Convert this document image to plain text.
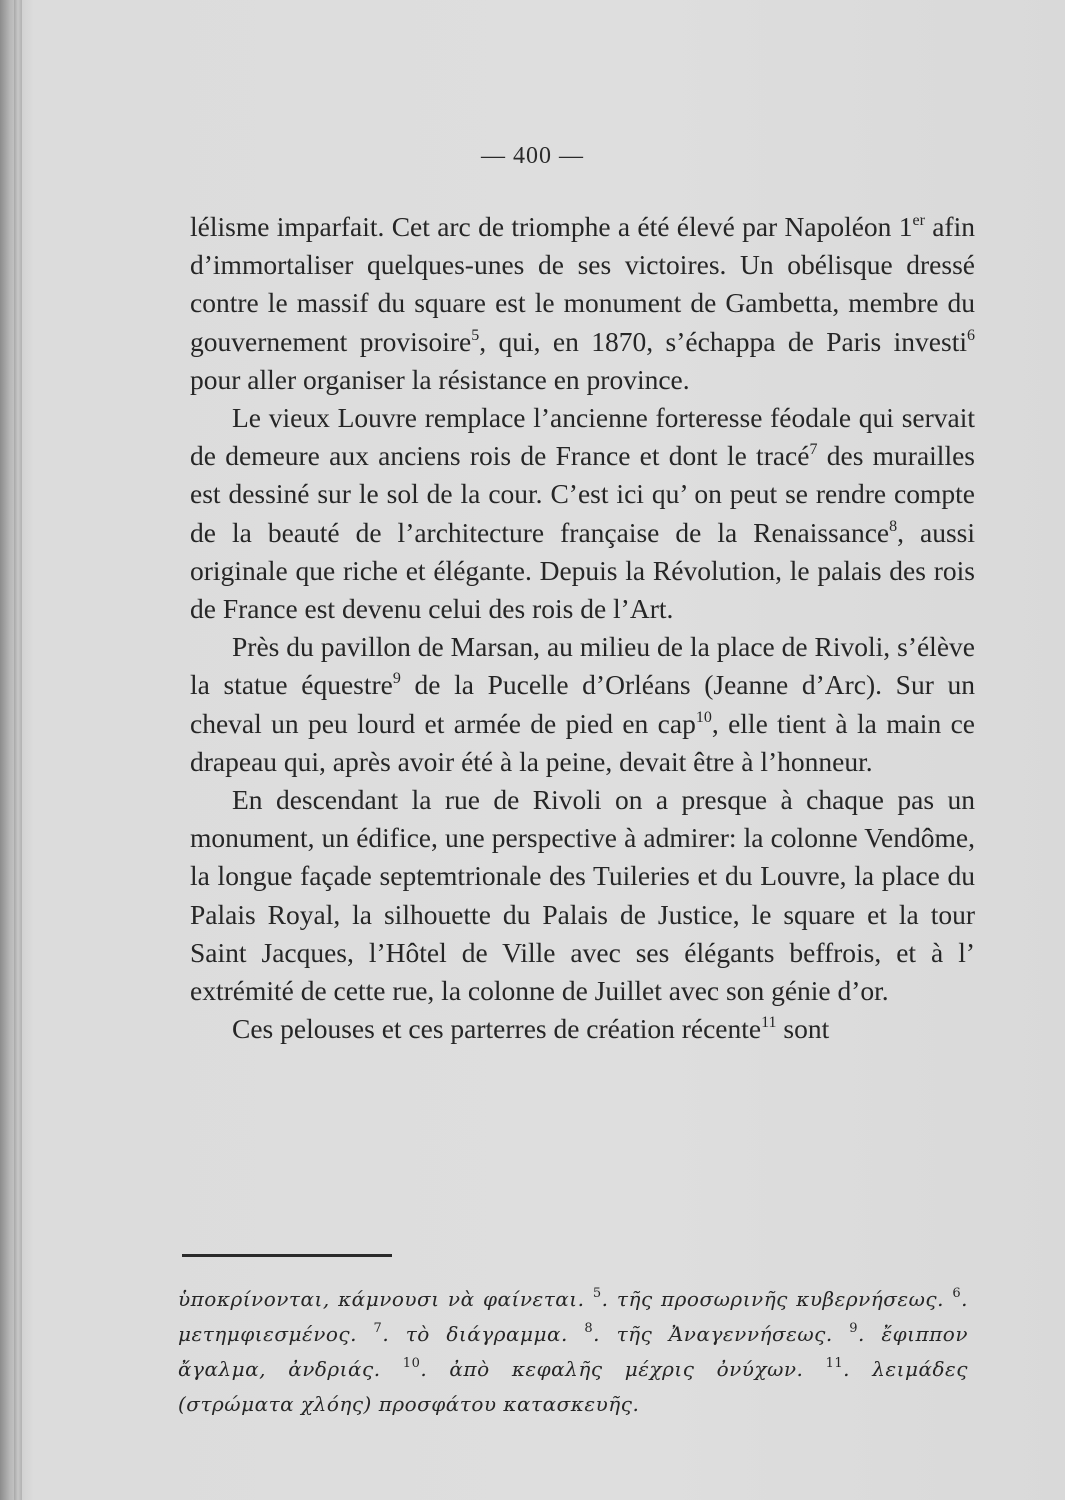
— 400 —

lélisme imparfait. Cet arc de triomphe a été élevé par Napoléon 1er afin d’immortaliser quelques-unes de ses victoires. Un obélisque dressé contre le massif du square est le monument de Gambetta, membre du gouvernement provisoire$^5$, qui, en 1870, s’échappa de Paris investi$^6$ pour aller organiser la résistance en province.

Le vieux Louvre remplace l’ancienne forteresse féodale qui servait de demeure aux anciens rois de France et dont le tracé$^7$ des murailles est dessiné sur le sol de la cour. C’est ici qu’ on peut se rendre compte de la beauté de l’architecture française de la Renaissance$^8$, aussi originale que riche et élégante. Depuis la Révolution, le palais des rois de France est devenu celui des rois de l’Art.

Près du pavillon de Marsan, au milieu de la place de Rivoli, s’élève la statue équestre$^9$ de la Pucelle d’Orléans (Jeanne d’Arc). Sur un cheval un peu lourd et armée de pied en cap$^{10}$, elle tient à la main ce drapeau qui, après avoir été à la peine, devait être à l’honneur.

En descendant la rue de Rivoli on a presque à chaque pas un monument, un édifice, une perspective à admirer: la colonne Vendôme, la longue façade septemtrionale des Tuileries et du Louvre, la place du Palais Royal, la silhouette du Palais de Justice, le square et la tour Saint Jacques, l’Hôtel de Ville avec ses élégants beffrois, et à l’ extrémité de cette rue, la colonne de Juillet avec son génie d’or.

Ces pelouses et ces parterres de création récente$^{11}$ sont

ὑποκρίνονται, κάμνουσι νὰ φαίνεται. $^5$. τῆς προσωρινῆς κυβερνήσεως. $^6$. μετημφιεσμένος. $^7$. τὸ διάγραμμα. $^8$. τῆς Ἀναγεννήσεως. $^9$. ἔφιππον ἄγαλμα, ἀνδριάς. $^{10}$. ἀπὸ κεφαλῆς μέχρις ὀνύχων. $^{11}$. λειμάδες (στρώματα χλόης) προσφάτου κατασκευῆς.
